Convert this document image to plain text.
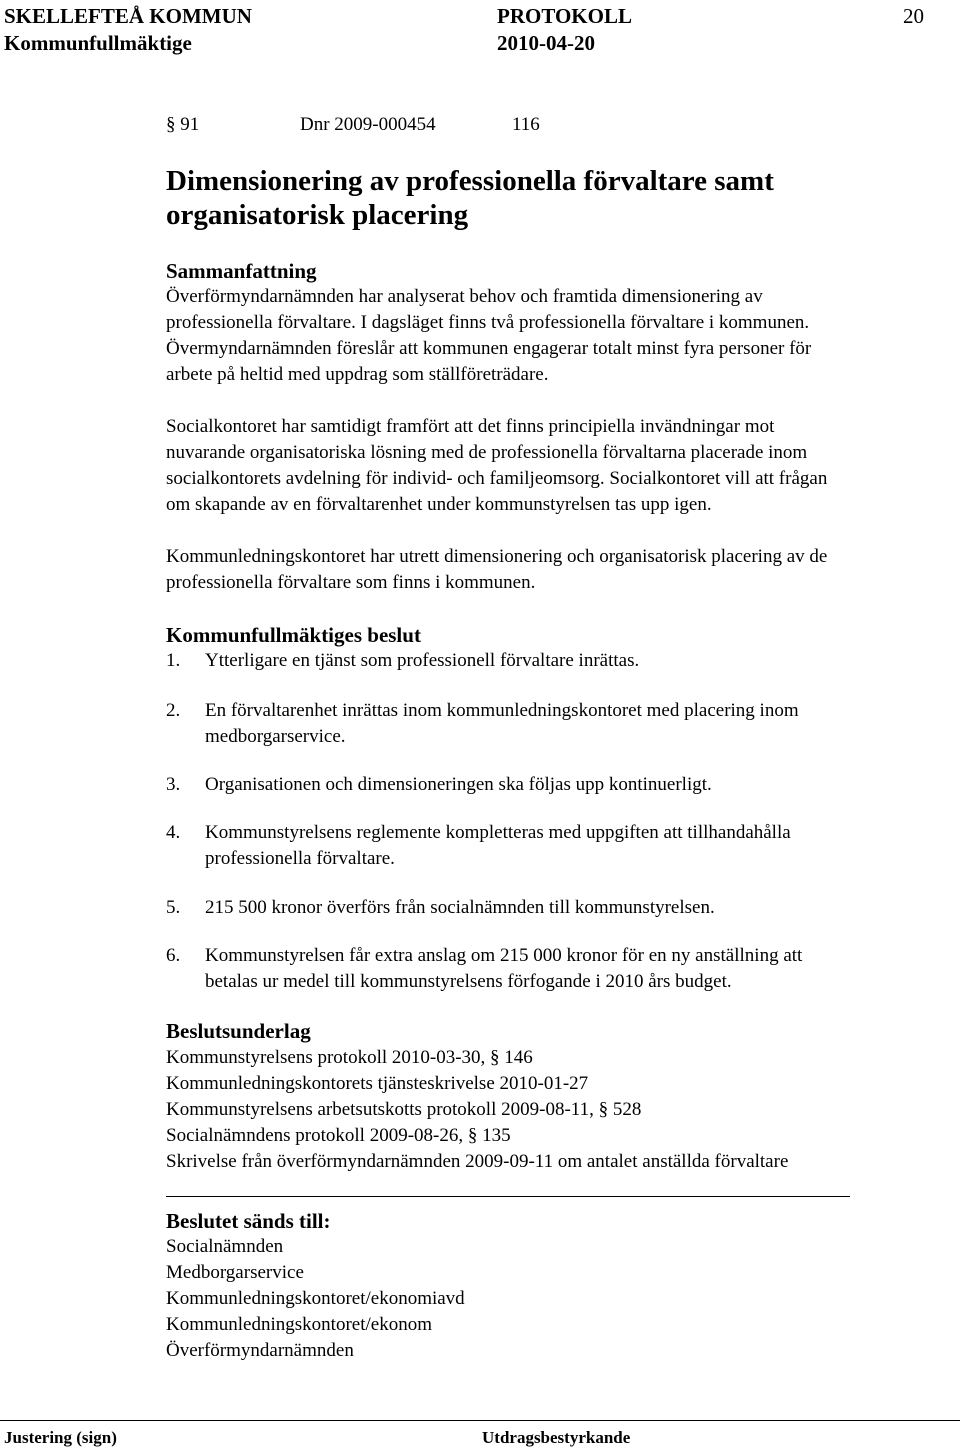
SKELLEFTEÅ KOMMUN	PROTOKOLL	20
Kommunfullmäktige	2010-04-20
§ 91	Dnr 2009-000454	116
Dimensionering av professionella förvaltare samt
organisatorisk placering
Sammanfattning
Överförmyndarnämnden har analyserat behov och framtida dimensionering av
professionella förvaltare. I dagsläget finns två professionella förvaltare i kommunen.
Övermyndarnämnden föreslår att kommunen engagerar totalt minst fyra personer för
arbete på heltid med uppdrag som ställföreträdare.
Socialkontoret har samtidigt framfört att det finns principiella invändningar mot
nuvarande organisatoriska lösning med de professionella förvaltarna placerade inom
socialkontorets avdelning för individ- och familjeomsorg. Socialkontoret vill att frågan
om skapande av en förvaltarenhet under kommunstyrelsen tas upp igen.
Kommunledningskontoret har utrett dimensionering och organisatorisk placering av de
professionella förvaltare som finns i kommunen.
Kommunfullmäktiges beslut
1. Ytterligare en tjänst som professionell förvaltare inrättas.
2. En förvaltarenhet inrättas inom kommunledningskontoret med placering inom
medborgarservice.
3. Organisationen och dimensioneringen ska följas upp kontinuerligt.
4. Kommunstyrelsens reglemente kompletteras med uppgiften att tillhandahålla
professionella förvaltare.
5. 215 500 kronor överförs från socialnämnden till kommunstyrelsen.
6. Kommunstyrelsen får extra anslag om 215 000 kronor för en ny anställning att
betalas ur medel till kommunstyrelsens förfogande i 2010 års budget.
Beslutsunderlag
Kommunstyrelsens protokoll 2010-03-30, § 146
Kommunledningskontorets tjänsteskrivelse 2010-01-27
Kommunstyrelsens arbetsutskotts protokoll 2009-08-11, § 528
Socialnämndens protokoll 2009-08-26, § 135
Skrivelse från överförmyndarnämnden 2009-09-11 om antalet anställda förvaltare
Beslutet sänds till:
Socialnämnden
Medborgarservice
Kommunledningskontoret/ekonomiavd
Kommunledningskontoret/ekonom
Överförmyndarnämnden
Justering (sign)	Utdragsbestyrkande
